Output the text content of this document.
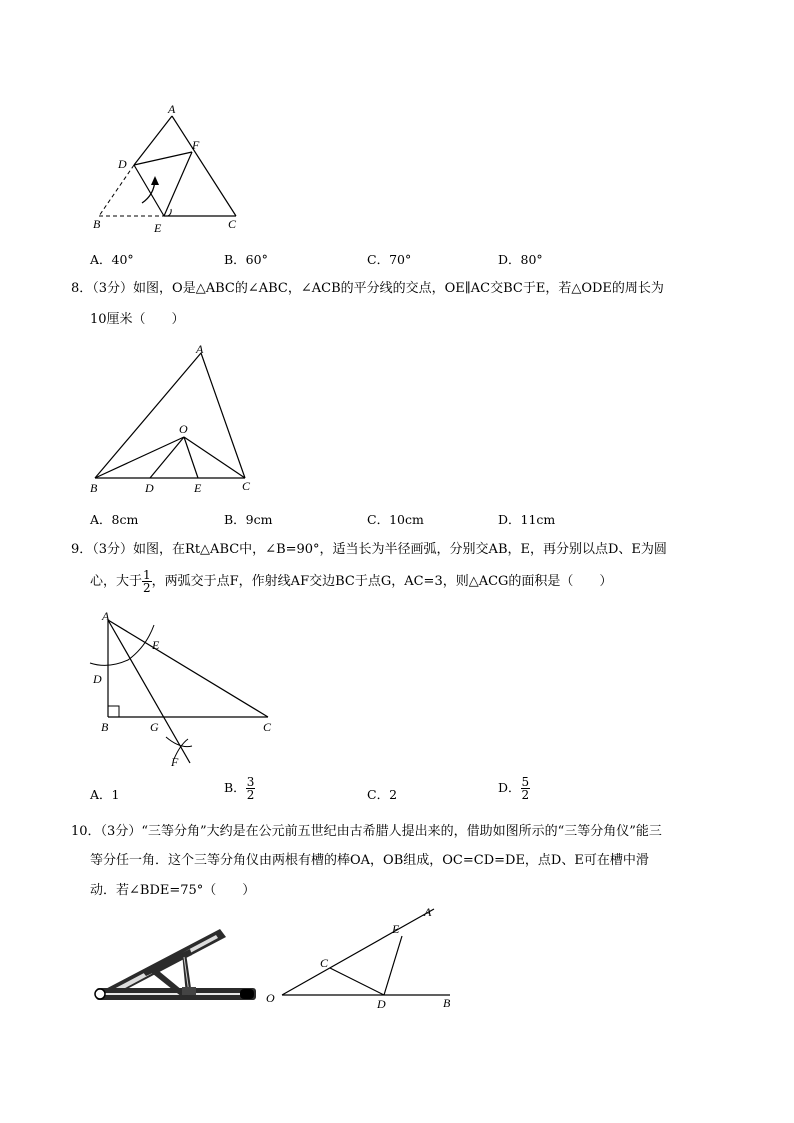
A
D
F
B	E	C
A．40°	B．60°	C．70°	D．80°
8．（3分）如图，O是△ABC的∠ABC，∠ACB的平分线的交点，OE∥AC交BC于E，若△ODE的周长为
10厘米（　　）
A
O
B	D	E	C
A．8cm	B．9cm	C．10cm	D．11cm
9．（3分）如图，在Rt△ABC中，∠B=90°，适当长为半径画弧，分别交AB，E，再分别以点D、E为圆
心，大于 $\frac{1}{2}$ ，两弧交于点F，作射线AF交边BC于点G，AC=3，则△ACG的面积是（　　）
A
E
D
B	G	C
F
A．1	B． $\frac{3}{2}$	C．2	D． $\frac{5}{2}$
10．（3分）“三等分角”大约是在公元前五世纪由古希腊人提出来的，借助如图所示的“三等分角仪”能三
等分任一角．这个三等分角仪由两根有槽的棒OA，OB组成，OC=CD=DE，点D、E可在槽中滑
动．若∠BDE=75°（　　）
A
E
C
O	D	B
